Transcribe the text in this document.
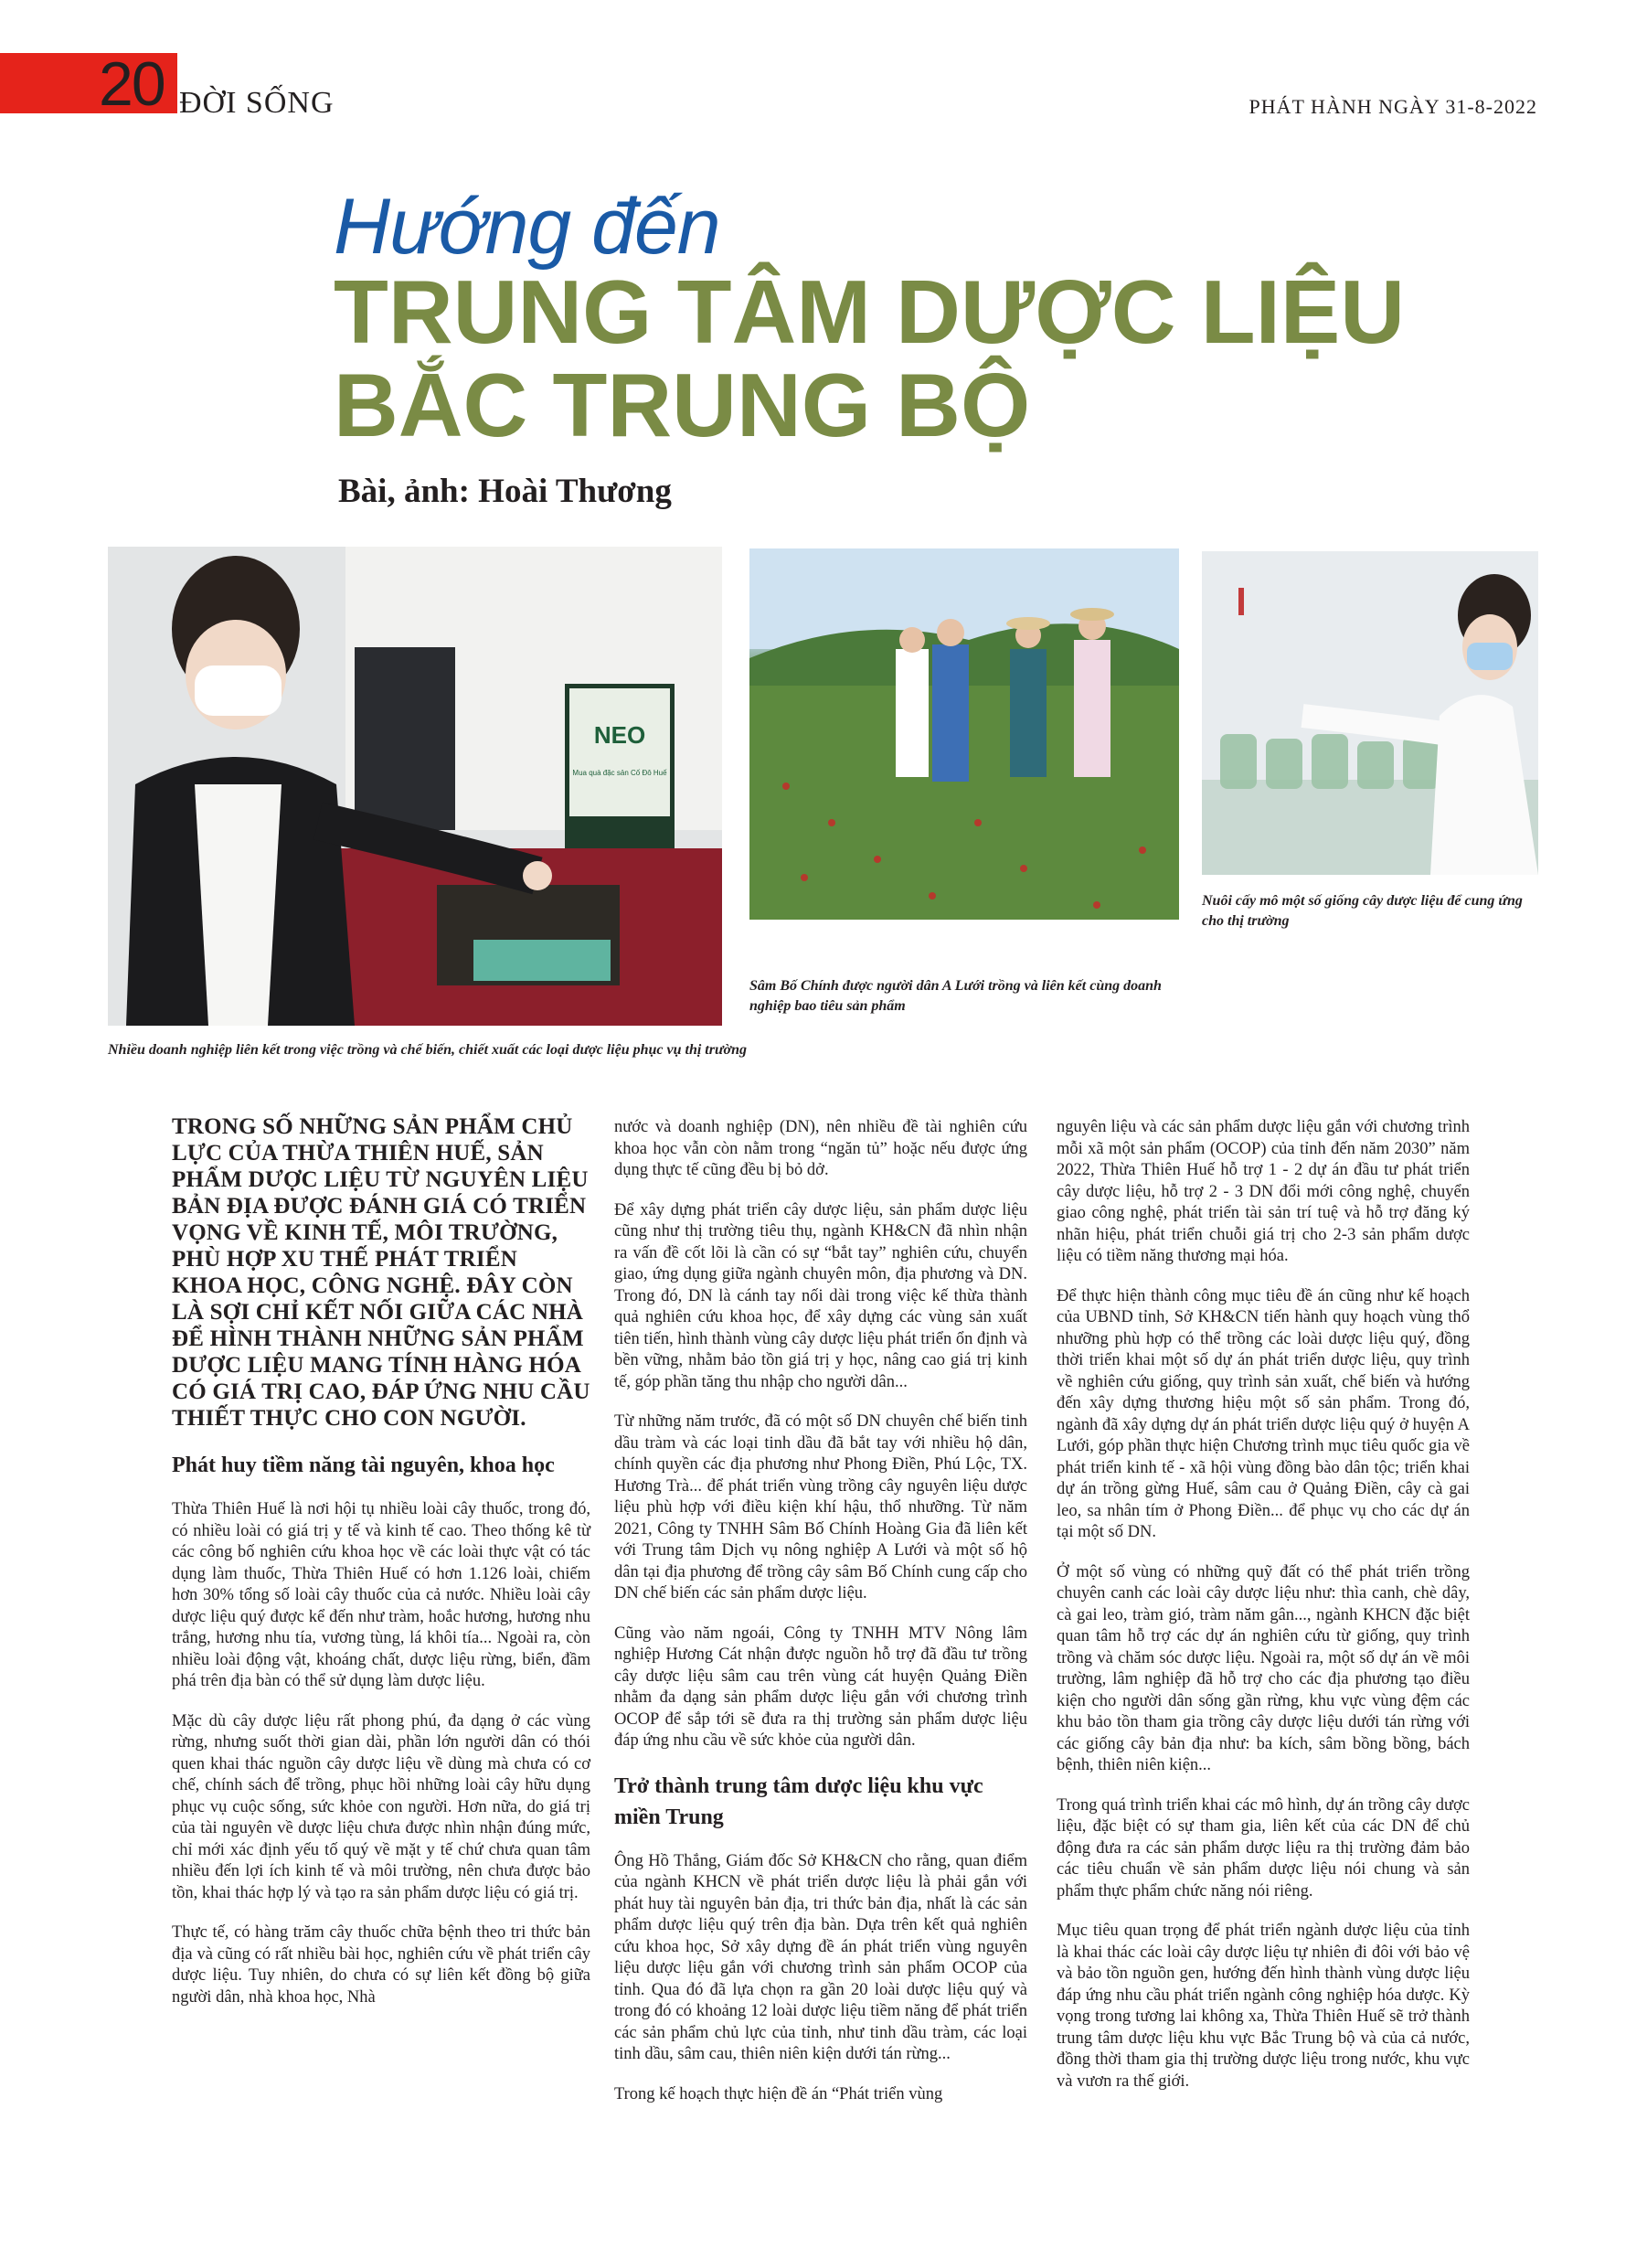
20 ĐỜI SỐNG	PHÁT HÀNH NGÀY 31-8-2022
Hướng đến
TRUNG TÂM DƯỢC LIỆU
BẮC TRUNG BỘ
Bài, ảnh: Hoài Thương
NEO
Mua quà đặc sản Cố Đô Huế
Nhiều doanh nghiệp liên kết trong việc trồng và chế biến, chiết xuất các loại dược liệu phục vụ thị trường
Sâm Bố Chính được người dân A Lưới trồng và liên kết cùng doanh nghiệp bao tiêu sản phẩm
Nuôi cấy mô một số giống cây dược liệu để cung ứng cho thị trường

TRONG SỐ NHỮNG SẢN PHẨM CHỦ LỰC CỦA THỪA THIÊN HUẾ, SẢN PHẨM DƯỢC LIỆU TỪ NGUYÊN LIỆU BẢN ĐỊA ĐƯỢC ĐÁNH GIÁ CÓ TRIỂN VỌNG VỀ KINH TẾ, MÔI TRƯỜNG, PHÙ HỢP XU THẾ PHÁT TRIỂN KHOA HỌC, CÔNG NGHỆ. ĐÂY CÒN LÀ SỢI CHỈ KẾT NỐI GIỮA CÁC NHÀ ĐỂ HÌNH THÀNH NHỮNG SẢN PHẨM DƯỢC LIỆU MANG TÍNH HÀNG HÓA CÓ GIÁ TRỊ CAO, ĐÁP ỨNG NHU CẦU THIẾT THỰC CHO CON NGƯỜI.

Phát huy tiềm năng tài nguyên, khoa học

Thừa Thiên Huế là nơi hội tụ nhiều loài cây thuốc, trong đó, có nhiều loài có giá trị y tế và kinh tế cao. Theo thống kê từ các công bố nghiên cứu khoa học về các loài thực vật có tác dụng làm thuốc, Thừa Thiên Huế có hơn 1.126 loài, chiếm hơn 30% tổng số loài cây thuốc của cả nước. Nhiều loài cây dược liệu quý được kể đến như tràm, hoắc hương, hương nhu trắng, hương nhu tía, vương tùng, lá khôi tía... Ngoài ra, còn nhiều loài động vật, khoáng chất, dược liệu rừng, biển, đầm phá trên địa bàn có thể sử dụng làm dược liệu.

Mặc dù cây dược liệu rất phong phú, đa dạng ở các vùng rừng, nhưng suốt thời gian dài, phần lớn người dân có thói quen khai thác nguồn cây dược liệu về dùng mà chưa có cơ chế, chính sách để trồng, phục hồi những loài cây hữu dụng phục vụ cuộc sống, sức khỏe con người. Hơn nữa, do giá trị của tài nguyên về dược liệu chưa được nhìn nhận đúng mức, chỉ mới xác định yếu tố quý về mặt y tế chứ chưa quan tâm nhiều đến lợi ích kinh tế và môi trường, nên chưa được bảo tồn, khai thác hợp lý và tạo ra sản phẩm dược liệu có giá trị.

Thực tế, có hàng trăm cây thuốc chữa bệnh theo tri thức bản địa và cũng có rất nhiều bài học, nghiên cứu về phát triển cây dược liệu. Tuy nhiên, do chưa có sự liên kết đồng bộ giữa người dân, nhà khoa học, Nhà

nước và doanh nghiệp (DN), nên nhiều đề tài nghiên cứu khoa học vẫn còn nằm trong “ngăn tủ” hoặc nếu được ứng dụng thực tế cũng đều bị bỏ dở.

Để xây dựng phát triển cây dược liệu, sản phẩm dược liệu cũng như thị trường tiêu thụ, ngành KH&CN đã nhìn nhận ra vấn đề cốt lõi là cần có sự “bắt tay” nghiên cứu, chuyển giao, ứng dụng giữa ngành chuyên môn, địa phương và DN. Trong đó, DN là cánh tay nối dài trong việc kế thừa thành quả nghiên cứu khoa học, để xây dựng các vùng sản xuất tiên tiến, hình thành vùng cây dược liệu phát triển ổn định và bền vững, nhằm bảo tồn giá trị y học, nâng cao giá trị kinh tế, góp phần tăng thu nhập cho người dân...

Từ những năm trước, đã có một số DN chuyên chế biến tinh dầu tràm và các loại tinh dầu đã bắt tay với nhiều hộ dân, chính quyền các địa phương như Phong Điền, Phú Lộc, TX. Hương Trà... để phát triển vùng trồng cây nguyên liệu dược liệu phù hợp với điều kiện khí hậu, thổ nhưỡng. Từ năm 2021, Công ty TNHH Sâm Bố Chính Hoàng Gia đã liên kết với Trung tâm Dịch vụ nông nghiệp A Lưới và một số hộ dân tại địa phương để trồng cây sâm Bố Chính cung cấp cho DN chế biến các sản phẩm dược liệu.

Cũng vào năm ngoái, Công ty TNHH MTV Nông lâm nghiệp Hương Cát nhận được nguồn hỗ trợ đã đầu tư trồng cây dược liệu sâm cau trên vùng cát huyện Quảng Điền nhằm đa dạng sản phẩm dược liệu gắn với chương trình OCOP để sắp tới sẽ đưa ra thị trường sản phẩm dược liệu đáp ứng nhu cầu về sức khỏe của người dân.

Trở thành trung tâm dược liệu khu vực miền Trung

Ông Hồ Thắng, Giám đốc Sở KH&CN cho rằng, quan điểm của ngành KHCN về phát triển dược liệu là phải gắn với phát huy tài nguyên bản địa, tri thức bản địa, nhất là các sản phẩm dược liệu quý trên địa bàn. Dựa trên kết quả nghiên cứu khoa học, Sở xây dựng đề án phát triển vùng nguyên liệu dược liệu gắn với chương trình sản phẩm OCOP của tỉnh. Qua đó đã lựa chọn ra gần 20 loài dược liệu quý và trong đó có khoảng 12 loài dược liệu tiềm năng để phát triển các sản phẩm chủ lực của tỉnh, như tinh dầu tràm, các loại tinh dầu, sâm cau, thiên niên kiện dưới tán rừng...

Trong kế hoạch thực hiện đề án “Phát triển vùng

nguyên liệu và các sản phẩm dược liệu gắn với chương trình mỗi xã một sản phẩm (OCOP) của tỉnh đến năm 2030” năm 2022, Thừa Thiên Huế hỗ trợ 1 - 2 dự án đầu tư phát triển cây dược liệu, hỗ trợ 2 - 3 DN đổi mới công nghệ, chuyển giao công nghệ, phát triển tài sản trí tuệ và hỗ trợ đăng ký nhãn hiệu, phát triển chuỗi giá trị cho 2-3 sản phẩm dược liệu có tiềm năng thương mại hóa.

Để thực hiện thành công mục tiêu đề án cũng như kế hoạch của UBND tỉnh, Sở KH&CN tiến hành quy hoạch vùng thổ nhưỡng phù hợp có thể trồng các loài dược liệu quý, đồng thời triển khai một số dự án phát triển dược liệu, quy trình về nghiên cứu giống, quy trình sản xuất, chế biến và hướng đến xây dựng thương hiệu một số sản phẩm. Trong đó, ngành đã xây dựng dự án phát triển dược liệu quý ở huyện A Lưới, góp phần thực hiện Chương trình mục tiêu quốc gia về phát triển kinh tế - xã hội vùng đồng bào dân tộc; triển khai dự án trồng gừng Huế, sâm cau ở Quảng Điền, cây cà gai leo, sa nhân tím ở Phong Điền... để phục vụ cho các dự án tại một số DN.

Ở một số vùng có những quỹ đất có thể phát triển trồng chuyên canh các loài cây dược liệu như: thìa canh, chè dây, cà gai leo, tràm gió, tràm năm gân..., ngành KHCN đặc biệt quan tâm hỗ trợ các dự án nghiên cứu từ giống, quy trình trồng và chăm sóc dược liệu. Ngoài ra, một số dự án về môi trường, lâm nghiệp đã hỗ trợ cho các địa phương tạo điều kiện cho người dân sống gần rừng, khu vực vùng đệm các khu bảo tồn tham gia trồng cây dược liệu dưới tán rừng với các giống cây bản địa như: ba kích, sâm bồng bồng, bách bệnh, thiên niên kiện...

Trong quá trình triển khai các mô hình, dự án trồng cây dược liệu, đặc biệt có sự tham gia, liên kết của các DN để chủ động đưa ra các sản phẩm dược liệu ra thị trường đảm bảo các tiêu chuẩn về sản phẩm dược liệu nói chung và sản phẩm thực phẩm chức năng nói riêng.

Mục tiêu quan trọng để phát triển ngành dược liệu của tỉnh là khai thác các loài cây dược liệu tự nhiên đi đôi với bảo vệ và bảo tồn nguồn gen, hướng đến hình thành vùng dược liệu đáp ứng nhu cầu phát triển ngành công nghiệp hóa dược. Kỳ vọng trong tương lai không xa, Thừa Thiên Huế sẽ trở thành trung tâm dược liệu khu vực Bắc Trung bộ và của cả nước, đồng thời tham gia thị trường dược liệu trong nước, khu vực và vươn ra thế giới.
